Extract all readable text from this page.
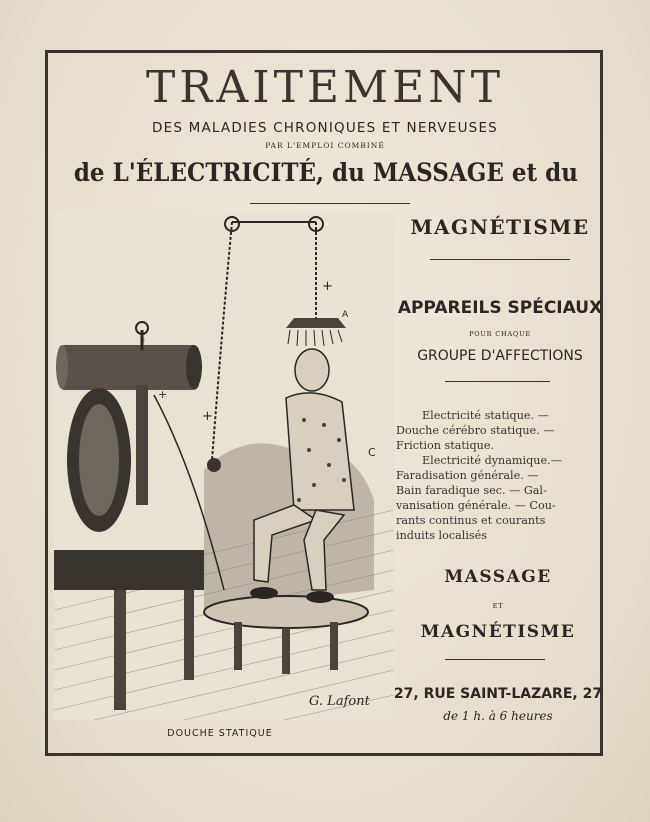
TRAITEMENT
DES MALADIES CHRONIQUES ET NERVEUSES
PAR L'EMPLOI COMBINÉ
de L'ÉLECTRICITÉ, du MASSAGE et du
MAGNÉTISME
APPAREILS SPÉCIAUX
POUR CHAQUE
GROUPE D'AFFECTIONS
Electricité statique. —
Douche cérébro statique. —
Friction statique.
Electricité dynamique.—
Faradisation générale. —
Bain faradique sec. — Gal-
vanisation générale. — Cou-
rants continus et courants
induits localisés
MASSAGE
ET
MAGNÉTISME
27, RUE SAINT-LAZARE, 27
de 1 h. à 6 heures
G. Lafont
F
+
+
A
C
+
DOUCHE STATIQUE
